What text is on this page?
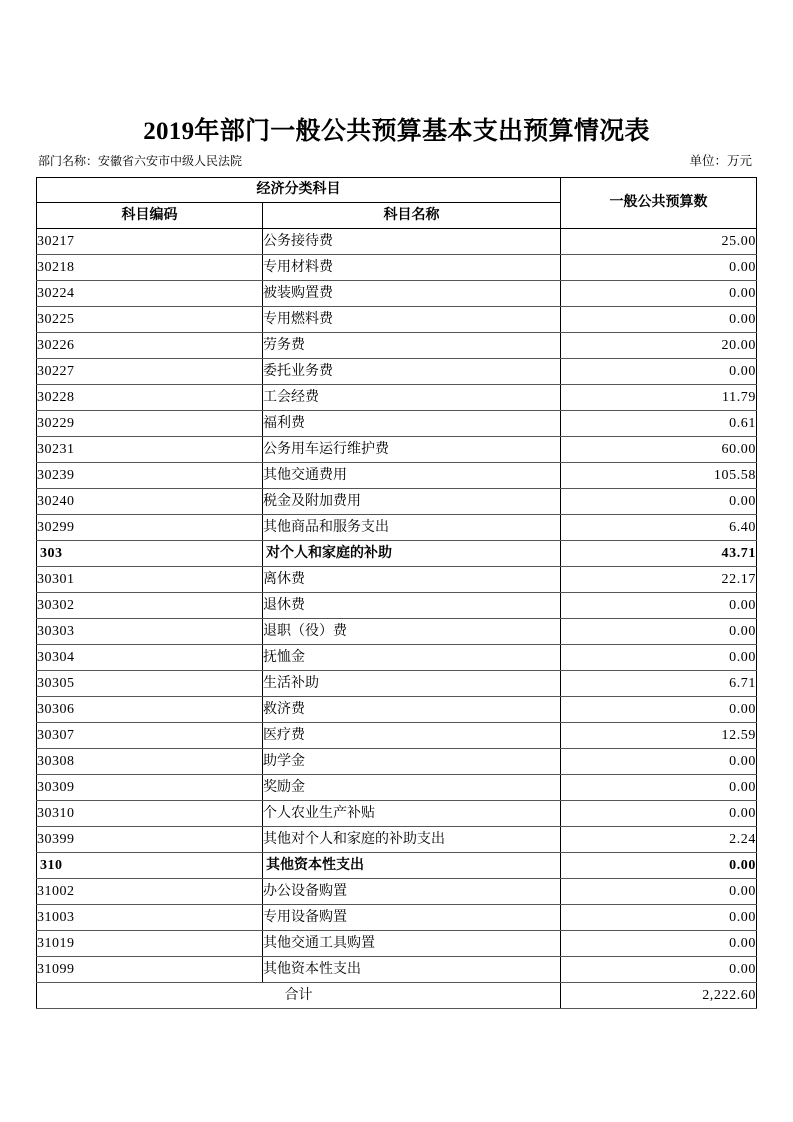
2019年部门一般公共预算基本支出预算情况表
部门名称：安徽省六安市中级人民法院	单位：万元
经济分类科目		一般公共预算数
科目编码	科目名称	
30217	公务接待费	25.00
30218	专用材料费	0.00
30224	被装购置费	0.00
30225	专用燃料费	0.00
30226	劳务费	20.00
30227	委托业务费	0.00
30228	工会经费	11.79
30229	福利费	0.61
30231	公务用车运行维护费	60.00
30239	其他交通费用	105.58
30240	税金及附加费用	0.00
30299	其他商品和服务支出	6.40
303	对个人和家庭的补助	43.71
30301	离休费	22.17
30302	退休费	0.00
30303	退职（役）费	0.00
30304	抚恤金	0.00
30305	生活补助	6.71
30306	救济费	0.00
30307	医疗费	12.59
30308	助学金	0.00
30309	奖励金	0.00
30310	个人农业生产补贴	0.00
30399	其他对个人和家庭的补助支出	2.24
310	其他资本性支出	0.00
31002	办公设备购置	0.00
31003	专用设备购置	0.00
31019	其他交通工具购置	0.00
31099	其他资本性支出	0.00
合计		2,222.60
